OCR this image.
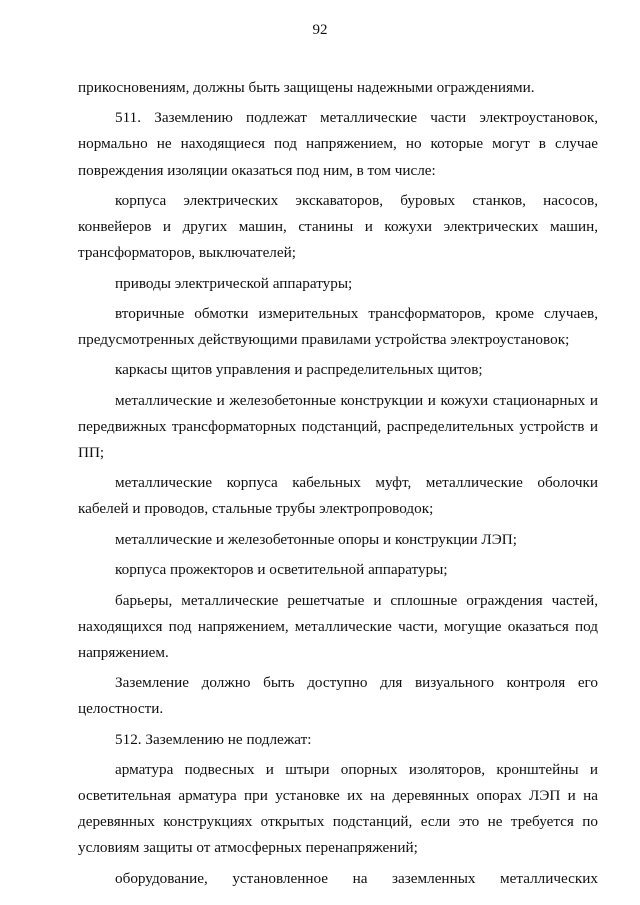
92

прикосновениям, должны быть защищены надежными ограждениями.

511. Заземлению подлежат металлические части электроустановок, нормально не находящиеся под напряжением, но которые могут в случае повреждения изоляции оказаться под ним, в том числе:

корпуса электрических экскаваторов, буровых станков, насосов, конвейеров и других машин, станины и кожухи электрических машин, трансформаторов, выключателей;

приводы электрической аппаратуры;

вторичные обмотки измерительных трансформаторов, кроме случаев, предусмотренных действующими правилами устройства электроустановок;

каркасы щитов управления и распределительных щитов;

металлические и железобетонные конструкции и кожухи стационарных и передвижных трансформаторных подстанций, распределительных устройств и ПП;

металлические корпуса кабельных муфт, металлические оболочки кабелей и проводов, стальные трубы электропроводок;

металлические и железобетонные опоры и конструкции ЛЭП;

корпуса прожекторов и осветительной аппаратуры;

барьеры, металлические решетчатые и сплошные ограждения частей, находящихся под напряжением, металлические части, могущие оказаться под напряжением.

Заземление должно быть доступно для визуального контроля его целостности.

512. Заземлению не подлежат:

арматура подвесных и штыри опорных изоляторов, кронштейны и осветительная арматура при установке их на деревянных опорах ЛЭП и на деревянных конструкциях открытых подстанций, если это не требуется по условиям защиты от атмосферных перенапряжений;

оборудование, установленное на заземленных металлических
